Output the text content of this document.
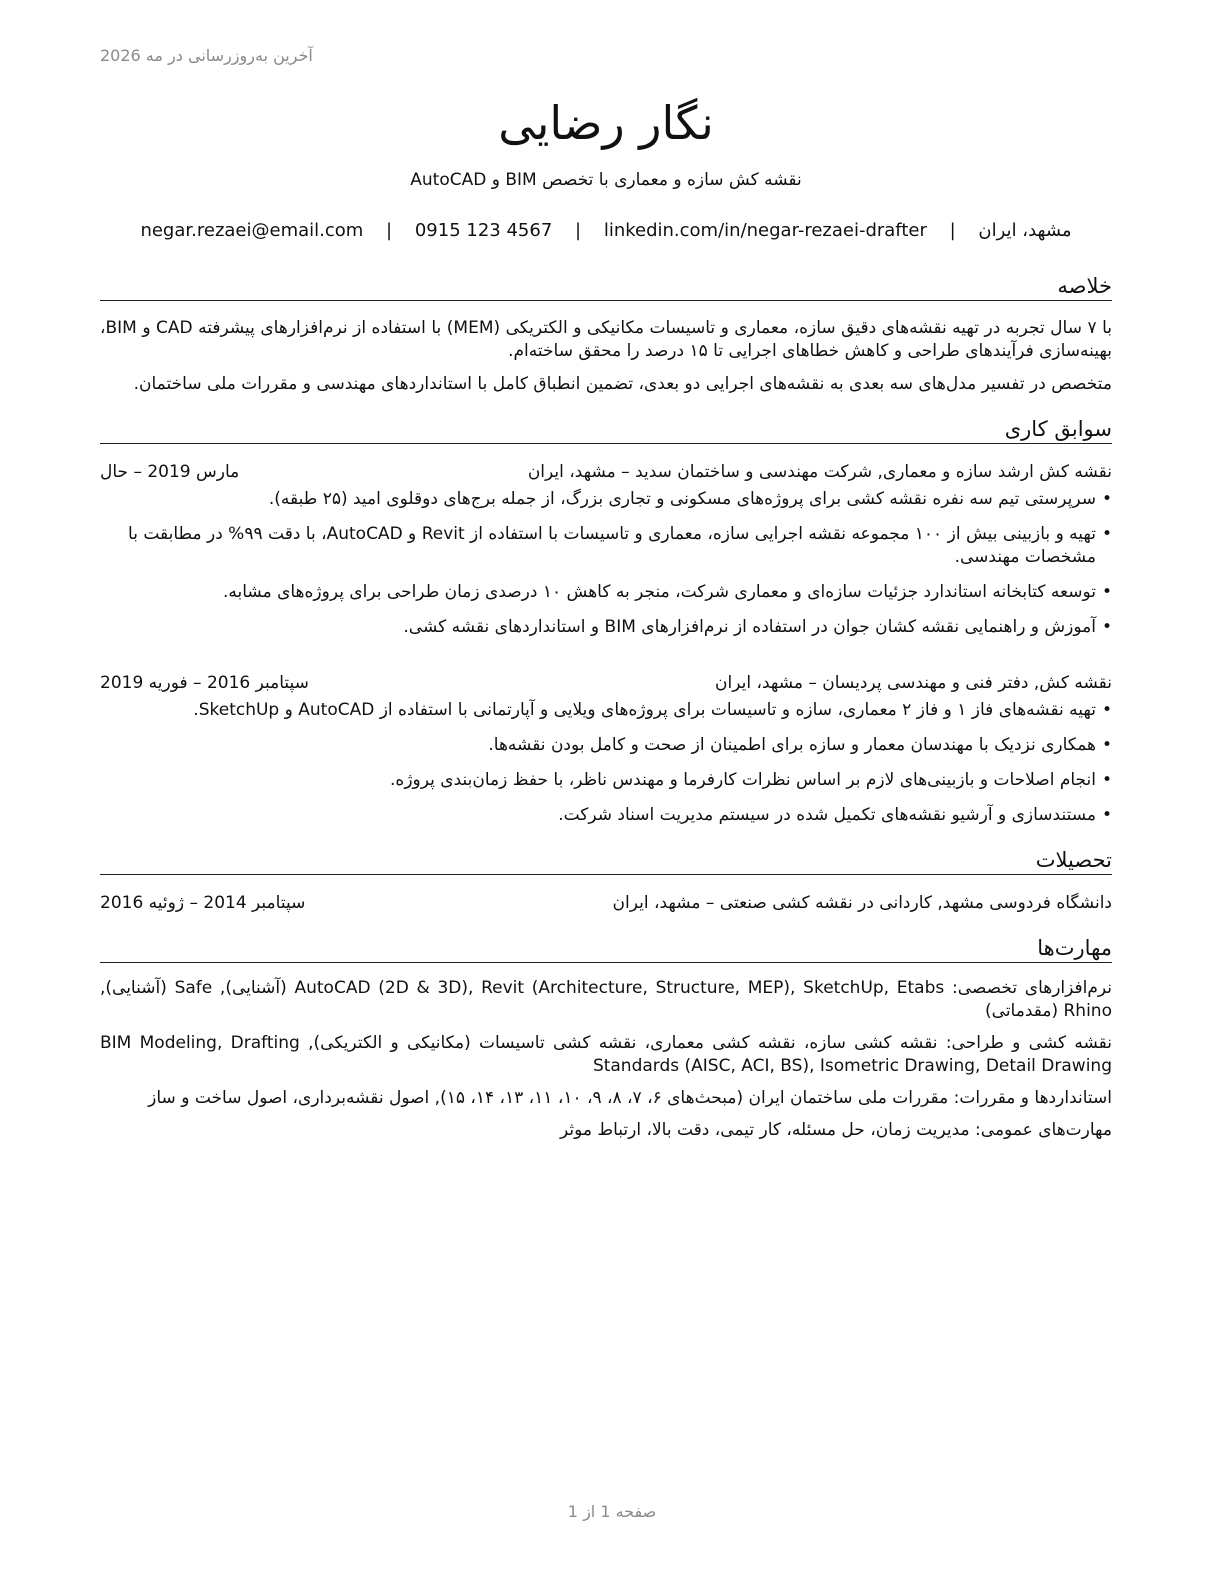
آخرین به‌روزرسانی در مه 2026
نگار رضایی
نقشه کش سازه و معماری با تخصص BIM و AutoCAD
مشهد، ایران | negar.rezaei@email.com | 0915 123 4567 | linkedin.com/in/negar-rezaei-drafter
خلاصه

با ۷ سال تجربه در تهیه نقشه‌های دقیق سازه، معماری و تاسیسات مکانیکی و الکتریکی (MEM) با استفاده از نرم‌افزارهای پیشرفته CAD و BIM، بهینه‌سازی فرآیندهای طراحی و کاهش خطاهای اجرایی تا ۱۵ درصد را محقق ساخته‌ام.

متخصص در تفسیر مدل‌های سه بعدی به نقشه‌های اجرایی دو بعدی، تضمین انطباق کامل با استانداردهای مهندسی و مقررات ملی ساختمان.

سوابق کاری
نقشه کش ارشد سازه و معماری, شرکت مهندسی و ساختمان سدید – مشهد، ایران
مارس 2019 – حال
• سرپرستی تیم سه نفره نقشه کشی برای پروژه‌های مسکونی و تجاری بزرگ، از جمله برج‌های دوقلوی امید (۲۵ طبقه).
• تهیه و بازبینی بیش از ۱۰۰ مجموعه نقشه اجرایی سازه، معماری و تاسیسات با استفاده از Revit و AutoCAD، با دقت ۹۹% در مطابقت با مشخصات مهندسی.
• توسعه کتابخانه استاندارد جزئیات سازه‌ای و معماری شرکت، منجر به کاهش ۱۰ درصدی زمان طراحی برای پروژه‌های مشابه.
• آموزش و راهنمایی نقشه کشان جوان در استفاده از نرم‌افزارهای BIM و استانداردهای نقشه کشی.
نقشه کش, دفتر فنی و مهندسی پردیسان – مشهد، ایران
سپتامبر 2016 – فوریه 2019
• تهیه نقشه‌های فاز ۱ و فاز ۲ معماری، سازه و تاسیسات برای پروژه‌های ویلایی و آپارتمانی با استفاده از AutoCAD و SketchUp.
• همکاری نزدیک با مهندسان معمار و سازه برای اطمینان از صحت و کامل بودن نقشه‌ها.
• انجام اصلاحات و بازبینی‌های لازم بر اساس نظرات کارفرما و مهندس ناظر، با حفظ زمان‌بندی پروژه.
• مستندسازی و آرشیو نقشه‌های تکمیل شده در سیستم مدیریت اسناد شرکت.
تحصیلات
دانشگاه فردوسی مشهد, کاردانی در نقشه کشی صنعتی – مشهد، ایران
سپتامبر 2014 – ژوئیه 2016
مهارت‌ها

نرم‌افزارهای تخصصی: AutoCAD (2D & 3D), Revit (Architecture, Structure, MEP), SketchUp, Etabs (آشنایی), Safe (آشنایی), Rhino (مقدماتی)

نقشه کشی و طراحی: نقشه کشی سازه، نقشه کشی معماری، نقشه کشی تاسیسات (مکانیکی و الکتریکی), BIM Modeling, Drafting Standards (AISC, ACI, BS), Isometric Drawing, Detail Drawing

استانداردها و مقررات: مقررات ملی ساختمان ایران (مبحث‌های ۶، ۷، ۸، ۹، ۱۰، ۱۱، ۱۳، ۱۴، ۱۵), اصول نقشه‌برداری، اصول ساخت و ساز

مهارت‌های عمومی: مدیریت زمان، حل مسئله، کار تیمی، دقت بالا، ارتباط موثر

صفحه 1 از 1
